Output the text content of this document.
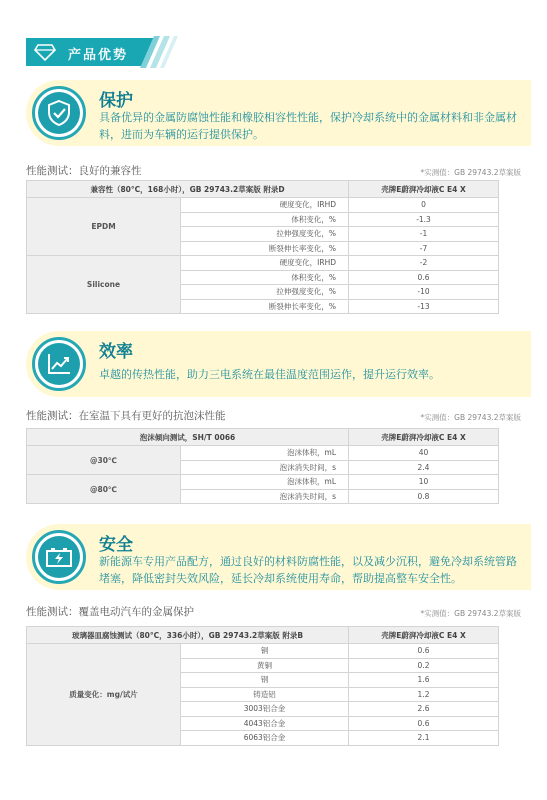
产品优势
保护
具备优异的金属防腐蚀性能和橡胶相容性性能，保护冷却系统中的金属材料和非金属材料，进而为车辆的运行提供保护。
性能测试：良好的兼容性	*实测值：GB 29743.2草案版
兼容性（80°C，168小时），GB 29743.2草案版 附录D		壳牌E蔚湃冷却液C E4 X
EPDM	硬度变化，IRHD	0
	体积变化，%	-1.3
	拉伸强度变化，%	-1
	断裂伸长率变化，%	-7
Silicone	硬度变化，IRHD	-2
	体积变化，%	0.6
	拉伸强度变化，%	-10
	断裂伸长率变化，%	-13
效率
卓越的传热性能，助力三电系统在最佳温度范围运作，提升运行效率。
性能测试：在室温下具有更好的抗泡沫性能	*实测值：GB 29743.2草案版
泡沫倾向测试，SH/T 0066		壳牌E蔚湃冷却液C E4 X
@30℃	泡沫体积，mL	40
	泡沫消失时间，s	2.4
@80℃	泡沫体积，mL	10
	泡沫消失时间，s	0.8
安全
新能源车专用产品配方，通过良好的材料防腐性能，以及减少沉积，避免冷却系统管路堵塞，降低密封失效风险，延长冷却系统使用寿命，帮助提高整车安全性。
性能测试：覆盖电动汽车的金属保护	*实测值：GB 29743.2草案版
玻璃器皿腐蚀测试（80°C，336小时），GB 29743.2草案版 附录B		壳牌E蔚湃冷却液C E4 X
质量变化：mg/试片	铜	0.6
	黄铜	0.2
	钢	1.6
	铸造铝	1.2
	3003铝合金	2.6
	4043铝合金	0.6
	6063铝合金	2.1
